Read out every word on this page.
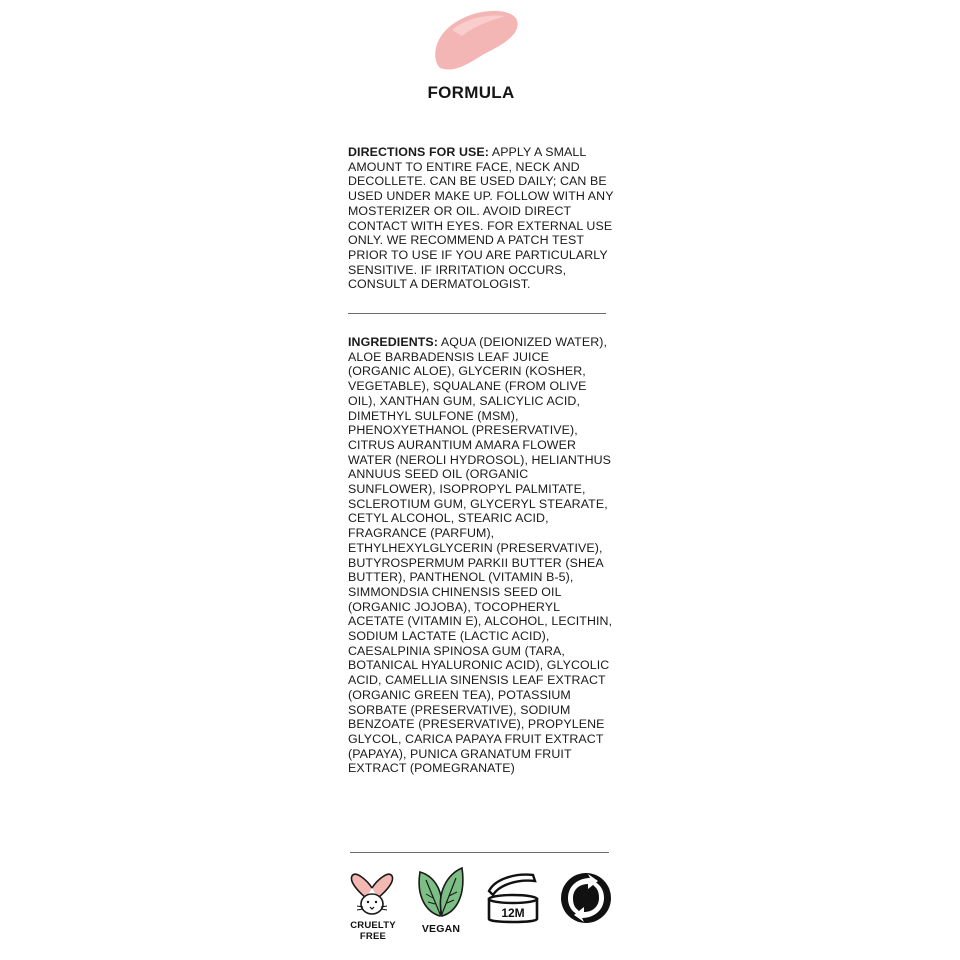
FORMULA
DIRECTIONS FOR USE: APPLY A SMALL AMOUNT TO ENTIRE FACE, NECK AND DECOLLETE. CAN BE USED DAILY; CAN BE USED UNDER MAKE UP. FOLLOW WITH ANY MOSTERIZER OR OIL. AVOID DIRECT CONTACT WITH EYES. FOR EXTERNAL USE ONLY. WE RECOMMEND A PATCH TEST PRIOR TO USE IF YOU ARE PARTICULARLY SENSITIVE. IF IRRITATION OCCURS, CONSULT A DERMATOLOGIST.
INGREDIENTS: AQUA (DEIONIZED WATER), ALOE BARBADENSIS LEAF JUICE (ORGANIC ALOE), GLYCERIN (KOSHER, VEGETABLE), SQUALANE (FROM OLIVE OIL), XANTHAN GUM, SALICYLIC ACID, DIMETHYL SULFONE (MSM), PHENOXYETHANOL (PRESERVATIVE), CITRUS AURANTIUM AMARA FLOWER WATER (NEROLI HYDROSOL), HELIANTHUS ANNUUS SEED OIL (ORGANIC SUNFLOWER), ISOPROPYL PALMITATE, SCLEROTIUM GUM, GLYCERYL STEARATE, CETYL ALCOHOL, STEARIC ACID, FRAGRANCE (PARFUM), ETHYLHEXYLGLYCERIN (PRESERVATIVE), BUTYROSPERMUM PARKII BUTTER (SHEA BUTTER), PANTHENOL (VITAMIN B-5), SIMMONDSIA CHINENSIS SEED OIL (ORGANIC JOJOBA), TOCOPHERYL ACETATE (VITAMIN E), ALCOHOL, LECITHIN, SODIUM LACTATE (LACTIC ACID), CAESALPINIA SPINOSA GUM (TARA, BOTANICAL HYALURONIC ACID), GLYCOLIC ACID, CAMELLIA SINENSIS LEAF EXTRACT (ORGANIC GREEN TEA), POTASSIUM SORBATE (PRESERVATIVE), SODIUM BENZOATE (PRESERVATIVE), PROPYLENE GLYCOL, CARICA PAPAYA FRUIT EXTRACT (PAPAYA), PUNICA GRANATUM FRUIT EXTRACT (POMEGRANATE)
CRUELTY
FREE
VEGAN
12M
